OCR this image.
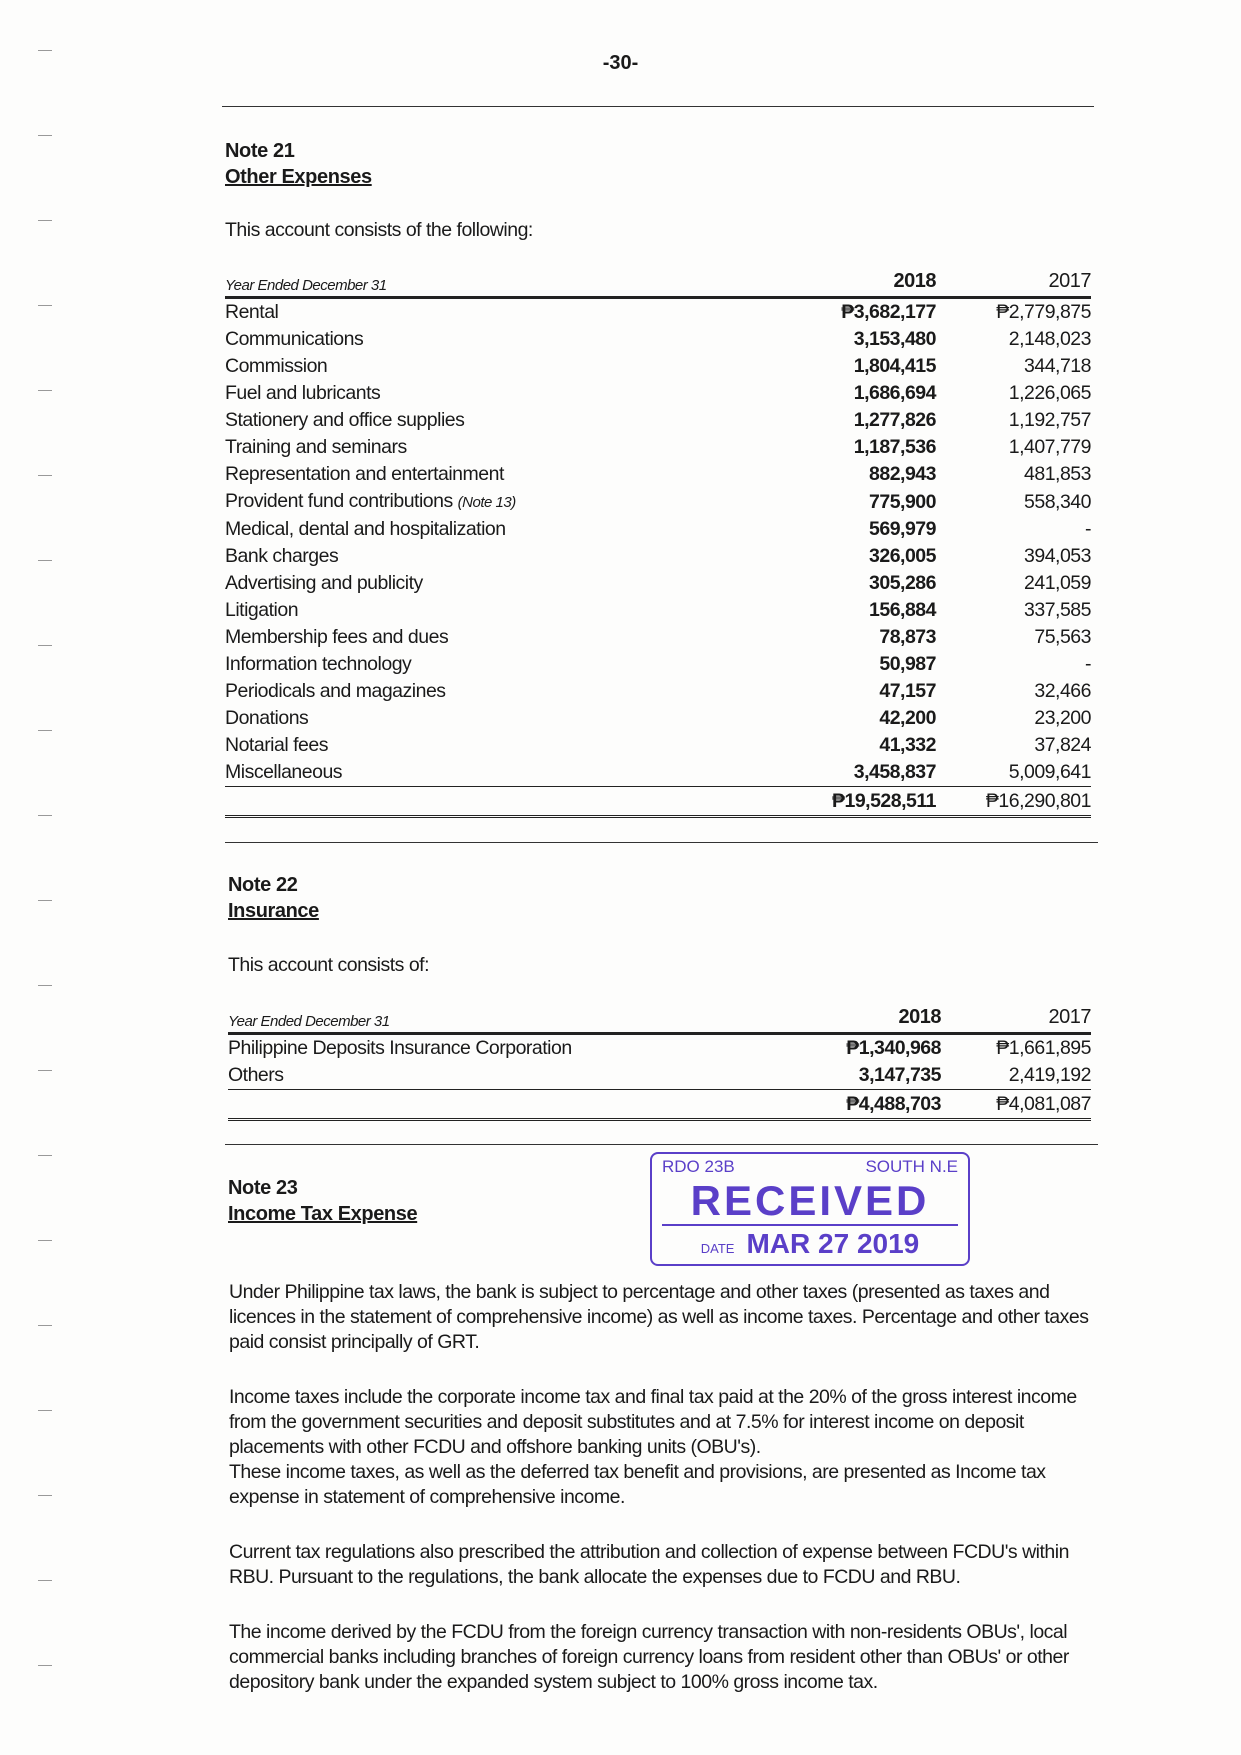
-30-
Note 21
Other Expenses
This account consists of the following:
Year Ended December 31	2018	2017
Rental	₱3,682,177	₱2,779,875
Communications	3,153,480	2,148,023
Commission	1,804,415	344,718
Fuel and lubricants	1,686,694	1,226,065
Stationery and office supplies	1,277,826	1,192,757
Training and seminars	1,187,536	1,407,779
Representation and entertainment	882,943	481,853
Provident fund contributions (Note 13)	775,900	558,340
Medical, dental and hospitalization	569,979	-
Bank charges	326,005	394,053
Advertising and publicity	305,286	241,059
Litigation	156,884	337,585
Membership fees and dues	78,873	75,563
Information technology	50,987	-
Periodicals and magazines	47,157	32,466
Donations	42,200	23,200
Notarial fees	41,332	37,824
Miscellaneous	3,458,837	5,009,641
	₱19,528,511	₱16,290,801
Note 22
Insurance
This account consists of:
Year Ended December 31	2018	2017
Philippine Deposits Insurance Corporation	₱1,340,968	₱1,661,895
Others	3,147,735	2,419,192
	₱4,488,703	₱4,081,087
Note 23
Income Tax Expense
RDO 23B	SOUTH N.E
RECEIVED
DATE MAR 27 2019

Under Philippine tax laws, the bank is subject to percentage and other taxes (presented as taxes and licences in the statement of comprehensive income) as well as income taxes. Percentage and other taxes paid consist principally of GRT.

Income taxes include the corporate income tax and final tax paid at the 20% of the gross interest income from the government securities and deposit substitutes and at 7.5% for interest income on deposit placements with other FCDU and offshore banking units (OBU's).

These income taxes, as well as the deferred tax benefit and provisions, are presented as Income tax expense in statement of comprehensive income.

Current tax regulations also prescribed the attribution and collection of expense between FCDU's within RBU. Pursuant to the regulations, the bank allocate the expenses due to FCDU and RBU.

The income derived by the FCDU from the foreign currency transaction with non-residents OBUs', local commercial banks including branches of foreign currency loans from resident other than OBUs' or other depository bank under the expanded system subject to 100% gross income tax.
